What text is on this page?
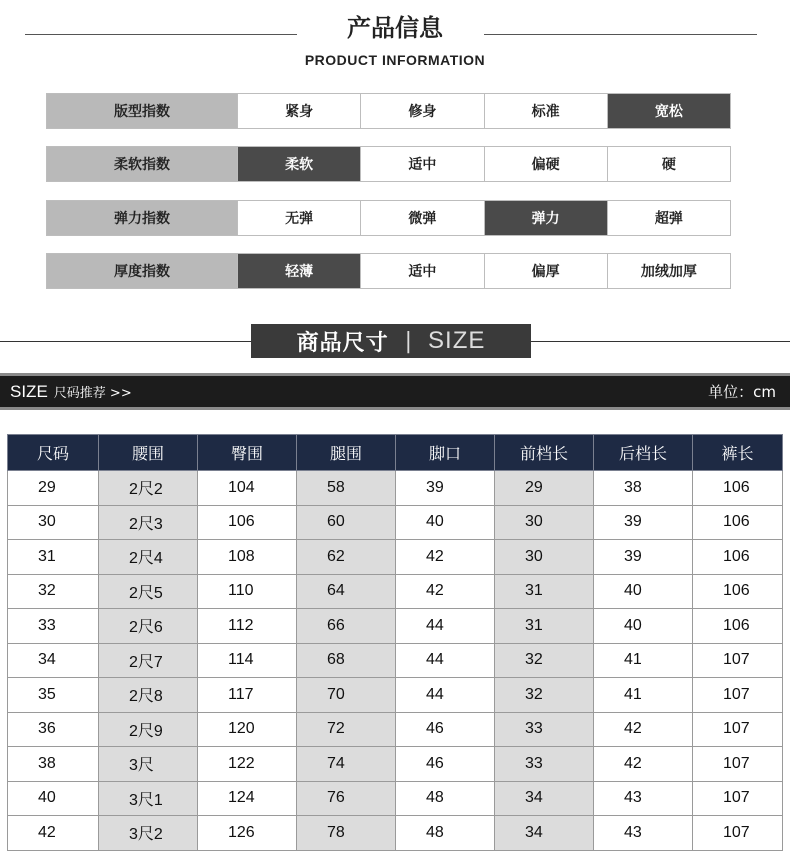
产品信息
PRODUCT INFORMATION
版型指数	紧身	修身	标准	宽松
柔软指数	柔软	适中	偏硬	硬
弹力指数	无弹	微弹	弹力	超弹
厚度指数	轻薄	适中	偏厚	加绒加厚
商品尺寸 | SIZE
SIZE 尺码推荐 >>	单位：cm
尺码	腰围	臀围	腿围	脚口	前档长	后档长	裤长
29	2尺2	104	58	39	29	38	106
30	2尺3	106	60	40	30	39	106
31	2尺4	108	62	42	30	39	106
32	2尺5	110	64	42	31	40	106
33	2尺6	112	66	44	31	40	106
34	2尺7	114	68	44	32	41	107
35	2尺8	117	70	44	32	41	107
36	2尺9	120	72	46	33	42	107
38	3尺	122	74	46	33	42	107
40	3尺1	124	76	48	34	43	107
42	3尺2	126	78	48	34	43	107
